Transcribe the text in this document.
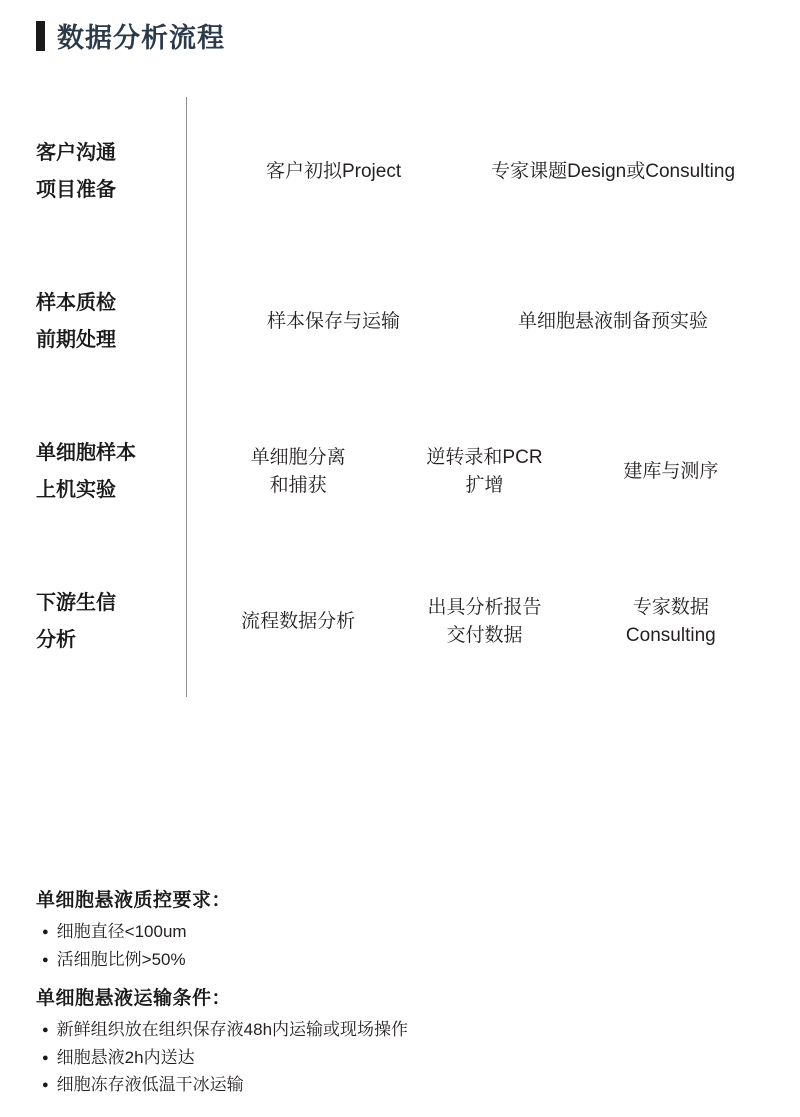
数据分析流程
客户沟通
项目准备
客户初拟Project	专家课题Design或Consulting
样本质检
前期处理
样本保存与运输	单细胞悬液制备预实验
单细胞样本
上机实验
单细胞分离
和捕获
逆转录和PCR
扩增
建库与测序
下游生信
分析
流程数据分析
出具分析报告
交付数据
专家数据
Consulting
单细胞悬液质控要求：
● 细胞直径<100um
● 活细胞比例>50%
单细胞悬液运输条件：
● 新鲜组织放在组织保存液48h内运输或现场操作
● 细胞悬液2h内送达
● 细胞冻存液低温干冰运输
